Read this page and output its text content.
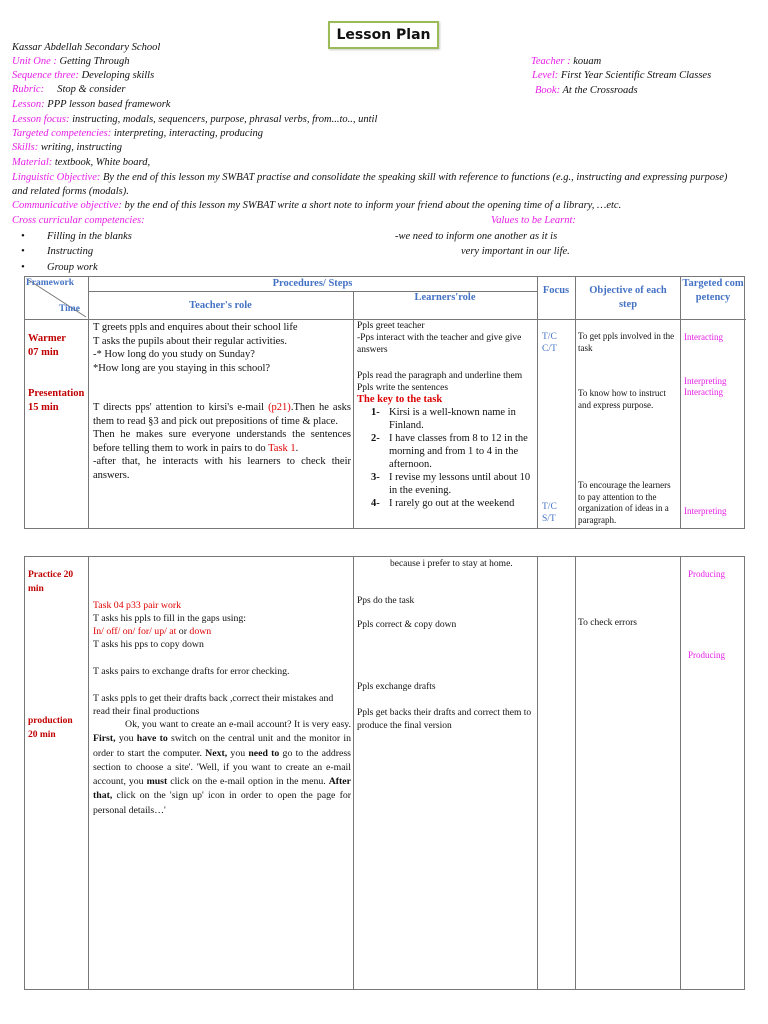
Lesson Plan
Kassar Abdellah Secondary School
Unit One : Getting Through
Sequence three: Developing skills
Rubric:     Stop & consider
Lesson: PPP lesson based framework
Lesson focus: instructing, modals, sequencers, purpose, phrasal verbs, from...to.., until
Targeted competencies: interpreting, interacting, producing
Skills: writing, instructing
Material: textbook, White board,
Linguistic Objective: By the end of this lesson my SWBAT practise and consolidate the speaking skill with reference to functions (e.g., instructing and expressing purpose) and related forms (modals).
Communicative objective: by the end of this lesson my SWBAT write a short note to inform your friend about the opening time of a library, …etc.
Cross curricular competencies:	Values to be Learnt:
• Filling in the blanks
• Instructing
• Group work
-we need to inform one another as it is
very important in our life.
Teacher : kouam
Level: First Year Scientific Stream Classes
Book: At the Crossroads
Framework
Time
Procedures/ Steps
Teacher's role
Learners'role
Focus	Objective of each step
Targeted competency
Warmer
07 min
Presentation
15 min
T greets ppls and enquires about their school life
T asks the pupils about their regular activities.
-* How long do you study on Sunday?
*How long are you staying in this school?
T directs pps' attention to kirsi's e-mail (p21).Then he asks them to read §3 and pick out prepositions of time & place.
Then he makes sure everyone understands the sentences before telling them to work in pairs to do Task 1.
-after that, he interacts with his learners to check their answers.
Ppls greet teacher
-Pps interact with the teacher and give give answers
Ppls read the paragraph and underline them
Ppls write the sentences
The key to the task
1- Kirsi is a well-known name in Finland.
2- I have classes from 8 to 12 in the morning and from 1 to 4 in the afternoon.
3- I revise my lessons until about 10 in the evening.
4- I rarely go out at the weekend
T/C
C/T
T/C
S/T
To get ppls involved in the task
To know how to instruct and express purpose.
To encourage the learners to pay attention to the organization of ideas in a paragraph.
Interacting
Interpreting
Interacting
Interpreting
Practice 20 min
production 20 min
Task 04 p33 pair work
T asks his ppls to fill in the gaps using:
In/ off/ on/ for/ up/ at or down
T asks his pps to copy down
T asks pairs to exchange drafts for error checking.
T asks ppls to get their drafts back ,correct their mistakes and read their final productions
Ok, you want to create an e-mail account? It is very easy. First, you have to switch on the central unit and the monitor in order to start the computer. Next, you need to go to the address section to choose a site'. 'Well, if you want to create an e-mail account, you must click on the e-mail option in the menu. After that, click on the 'sign up' icon in order to open the page for personal details…'
because i prefer to stay at home.
Pps do the task
Ppls correct & copy down
Ppls exchange drafts
Ppls get backs their drafts and correct them to produce the final version
To check errors
Producing
Producing
